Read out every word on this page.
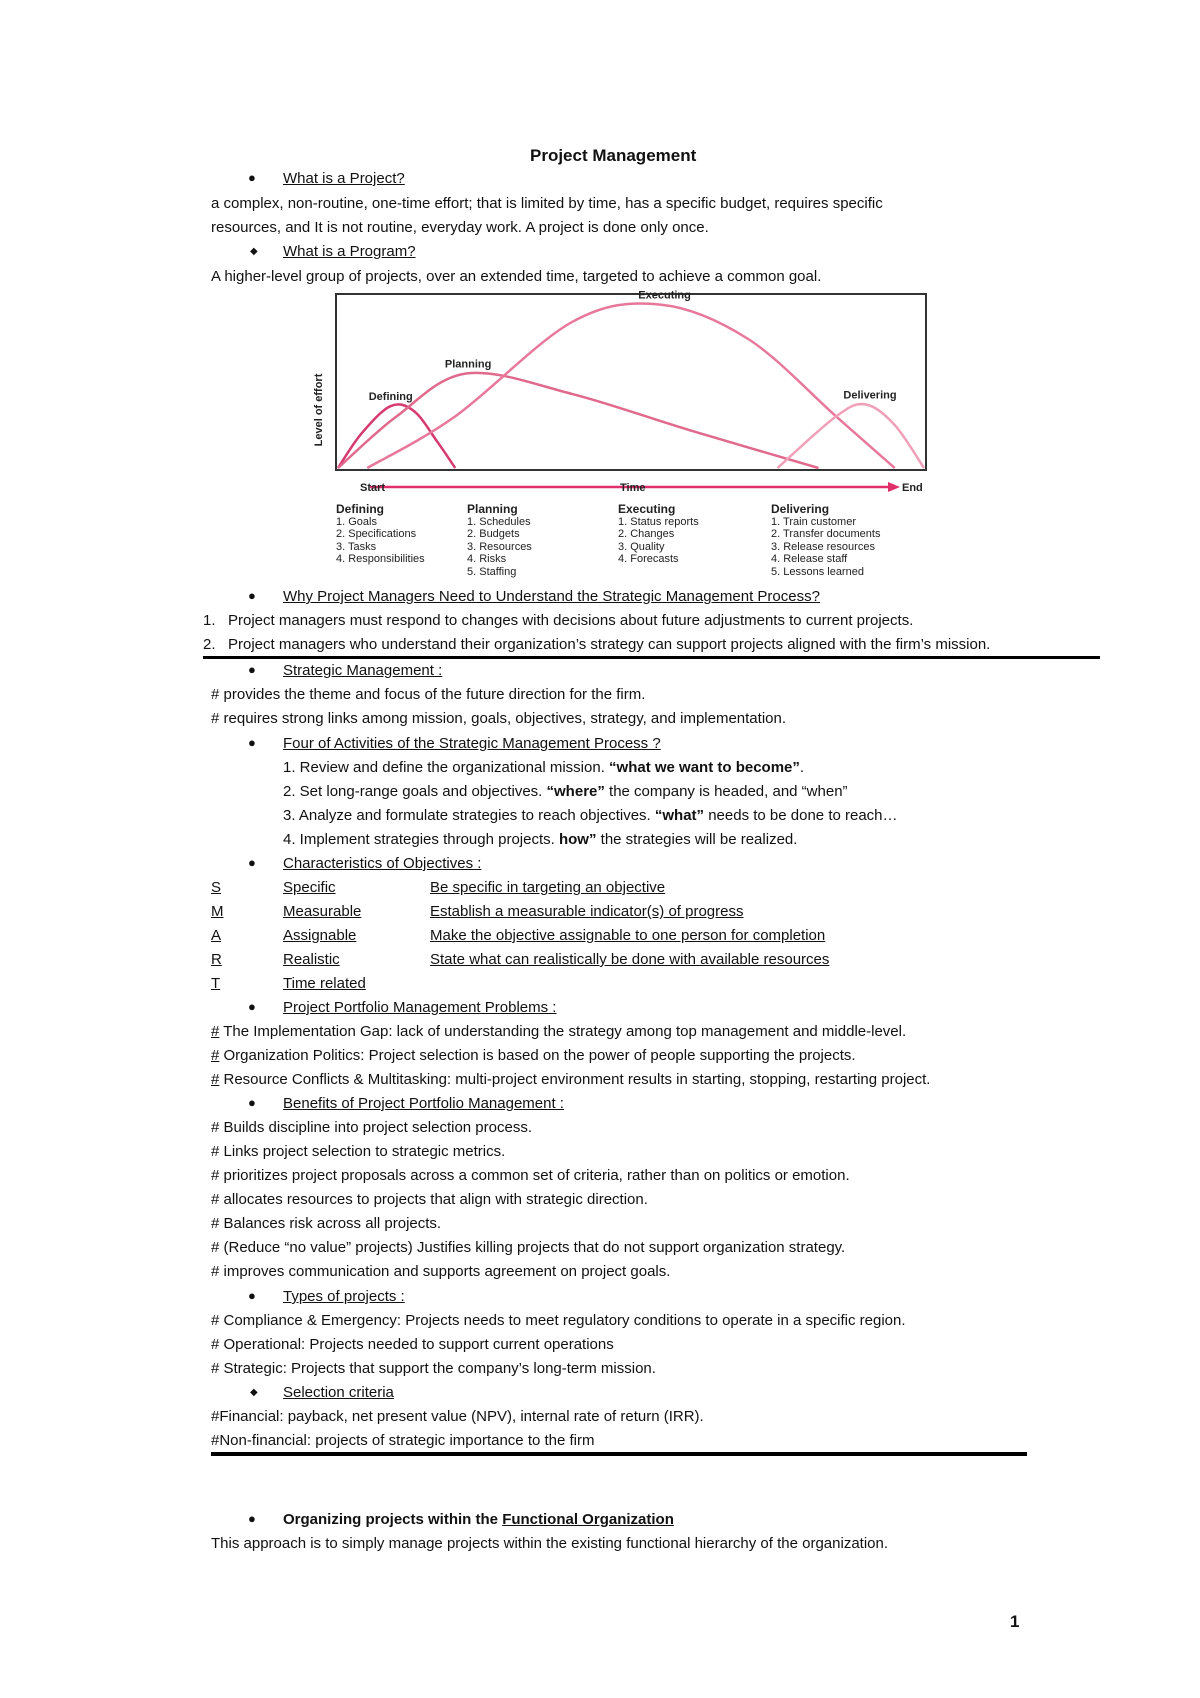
Project Management
● What is a Project?
a complex, non-routine, one-time effort; that is limited by time, has a specific budget, requires specific
resources, and It is not routine, everyday work. A project is done only once.
◆ What is a Program?
A higher-level group of projects, over an extended time, targeted to achieve a common goal.
Level of effort	Defining
Planning
Executing
Delivering
Start	Time	End
Defining
1. Goals
2. Specifications
3. Tasks
4. Responsibilities
Planning
1. Schedules
2. Budgets
3. Resources
4. Risks
5. Staffing
Executing
1. Status reports
2. Changes
3. Quality
4. Forecasts
Delivering
1. Train customer
2. Transfer documents
3. Release resources
4. Release staff
5. Lessons learned
● Why Project Managers Need to Understand the Strategic Management Process?
1. Project managers must respond to changes with decisions about future adjustments to current projects.
2. Project managers who understand their organization’s strategy can support projects aligned with the firm’s mission.
● Strategic Management :
# provides the theme and focus of the future direction for the firm.
# requires strong links among mission, goals, objectives, strategy, and implementation.
● Four of Activities of the Strategic Management Process ?
1. Review and define the organizational mission. “what we want to become”.
2. Set long-range goals and objectives. “where” the company is headed, and “when”
3. Analyze and formulate strategies to reach objectives. “what” needs to be done to reach…
4. Implement strategies through projects. how” the strategies will be realized.
● Characteristics of Objectives :
S	Specific	Be specific in targeting an objective
M	Measurable	Establish a measurable indicator(s) of progress
A	Assignable	Make the objective assignable to one person for completion
R	Realistic	State what can realistically be done with available resources
T	Time related
● Project Portfolio Management Problems :
# The Implementation Gap: lack of understanding the strategy among top management and middle-level.
# Organization Politics: Project selection is based on the power of people supporting the projects.
# Resource Conflicts & Multitasking: multi-project environment results in starting, stopping, restarting project.
● Benefits of Project Portfolio Management :
# Builds discipline into project selection process.
# Links project selection to strategic metrics.
# prioritizes project proposals across a common set of criteria, rather than on politics or emotion.
# allocates resources to projects that align with strategic direction.
# Balances risk across all projects.
# (Reduce “no value” projects) Justifies killing projects that do not support organization strategy.
# improves communication and supports agreement on project goals.
● Types of projects :
# Compliance & Emergency: Projects needs to meet regulatory conditions to operate in a specific region.
# Operational: Projects needed to support current operations
# Strategic: Projects that support the company’s long-term mission.
◆ Selection criteria
#Financial: payback, net present value (NPV), internal rate of return (IRR).
#Non-financial: projects of strategic importance to the firm
● Organizing projects within the Functional Organization
This approach is to simply manage projects within the existing functional hierarchy of the organization.
1
